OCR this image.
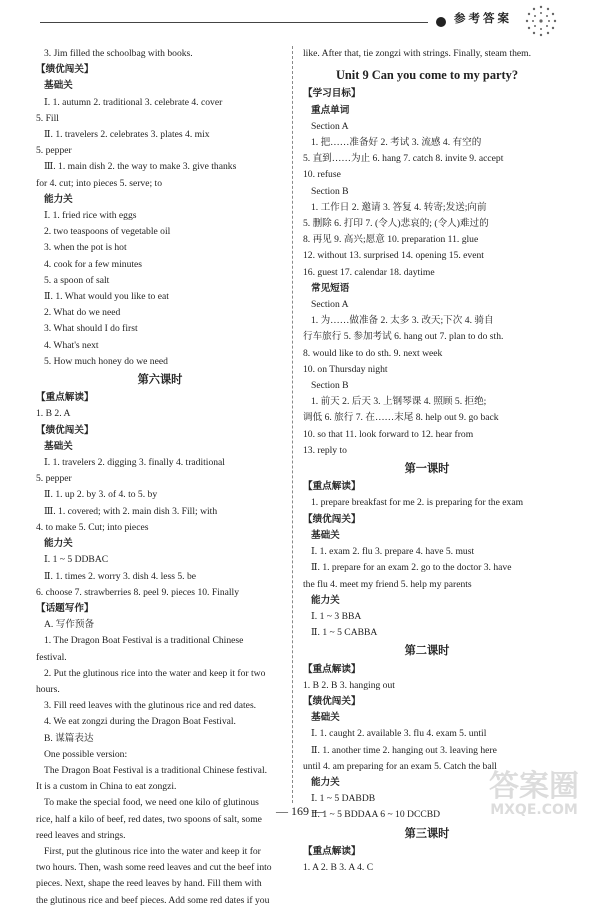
参考答案
3. Jim filled the schoolbag with books.
【绩优闯关】
基础关
Ⅰ. 1. autumn 2. traditional 3. celebrate 4. cover
5. Fill
Ⅱ. 1. travelers 2. celebrates 3. plates 4. mix
5. pepper
Ⅲ. 1. main dish 2. the way to make 3. give thanks
for 4. cut; into pieces 5. serve; to
能力关
Ⅰ. 1. fried rice with eggs
2. two teaspoons of vegetable oil
3. when the pot is hot
4. cook for a few minutes
5. a spoon of salt
Ⅱ. 1. What would you like to eat
2. What do we need
3. What should I do first
4. What's next
5. How much honey do we need
第六课时
【重点解读】
1. B 2. A
【绩优闯关】
基础关
Ⅰ. 1. travelers 2. digging 3. finally 4. traditional
5. pepper
Ⅱ. 1. up 2. by 3. of 4. to 5. by
Ⅲ. 1. covered; with 2. main dish 3. Fill; with
4. to make 5. Cut; into pieces
能力关
Ⅰ. 1 ~ 5 DDBAC
Ⅱ. 1. times 2. worry 3. dish 4. less 5. be
6. choose 7. strawberries 8. peel 9. pieces 10. Finally
【话题写作】
A. 写作预备
1. The Dragon Boat Festival is a traditional Chinese
festival.
2. Put the glutinous rice into the water and keep it for two
hours.
3. Fill reed leaves with the glutinous rice and red dates.
4. We eat zongzi during the Dragon Boat Festival.
B. 谋篇表达
One possible version:
The Dragon Boat Festival is a traditional Chinese festival.
It is a custom in China to eat zongzi.
To make the special food, we need one kilo of glutinous
rice, half a kilo of beef, red dates, two spoons of salt, some
reed leaves and strings.
First, put the glutinous rice into the water and keep it for
two hours. Then, wash some reed leaves and cut the beef into
pieces. Next, shape the reed leaves by hand. Fill them with
the glutinous rice and beef pieces. Add some red dates if you
like. After that, tie zongzi with strings. Finally, steam them.
Unit 9 Can you come to my party?
【学习目标】
重点单词
Section A
1. 把……准备好 2. 考试 3. 流感 4. 有空的
5. 直到……为止 6. hang 7. catch 8. invite 9. accept
10. refuse
Section B
1. 工作日 2. 邀请 3. 答复 4. 转寄;发送;向前
5. 删除 6. 打印 7. (令人)悲哀的; (令人)难过的
8. 再见 9. 高兴;愿意 10. preparation 11. glue
12. without 13. surprised 14. opening 15. event
16. guest 17. calendar 18. daytime
常见短语
Section A
1. 为……做准备 2. 太多 3. 改天;下次 4. 骑自
行车旅行 5. 参加考试 6. hang out 7. plan to do sth.
8. would like to do sth. 9. next week
10. on Thursday night
Section B
1. 前天 2. 后天 3. 上钢琴课 4. 照顾 5. 拒绝;
调低 6. 旅行 7. 在……末尾 8. help out 9. go back
10. so that 11. look forward to 12. hear from
13. reply to
第一课时
【重点解读】
1. prepare breakfast for me 2. is preparing for the exam
【绩优闯关】
基础关
Ⅰ. 1. exam 2. flu 3. prepare 4. have 5. must
Ⅱ. 1. prepare for an exam 2. go to the doctor 3. have
the flu 4. meet my friend 5. help my parents
能力关
Ⅰ. 1 ~ 3 BBA
Ⅱ. 1 ~ 5 CABBA
第二课时
【重点解读】
1. B 2. B 3. hanging out
【绩优闯关】
基础关
Ⅰ. 1. caught 2. available 3. flu 4. exam 5. until
Ⅱ. 1. another time 2. hanging out 3. leaving here
until 4. am preparing for an exam 5. Catch the ball
能力关
Ⅰ. 1 ~ 5 DABDB
Ⅱ. 1 ~ 5 BDDAA 6 ~ 10 DCCBD
第三课时
【重点解读】
1. A 2. B 3. A 4. C
— 169 —
答案圈
MXQE.COM
